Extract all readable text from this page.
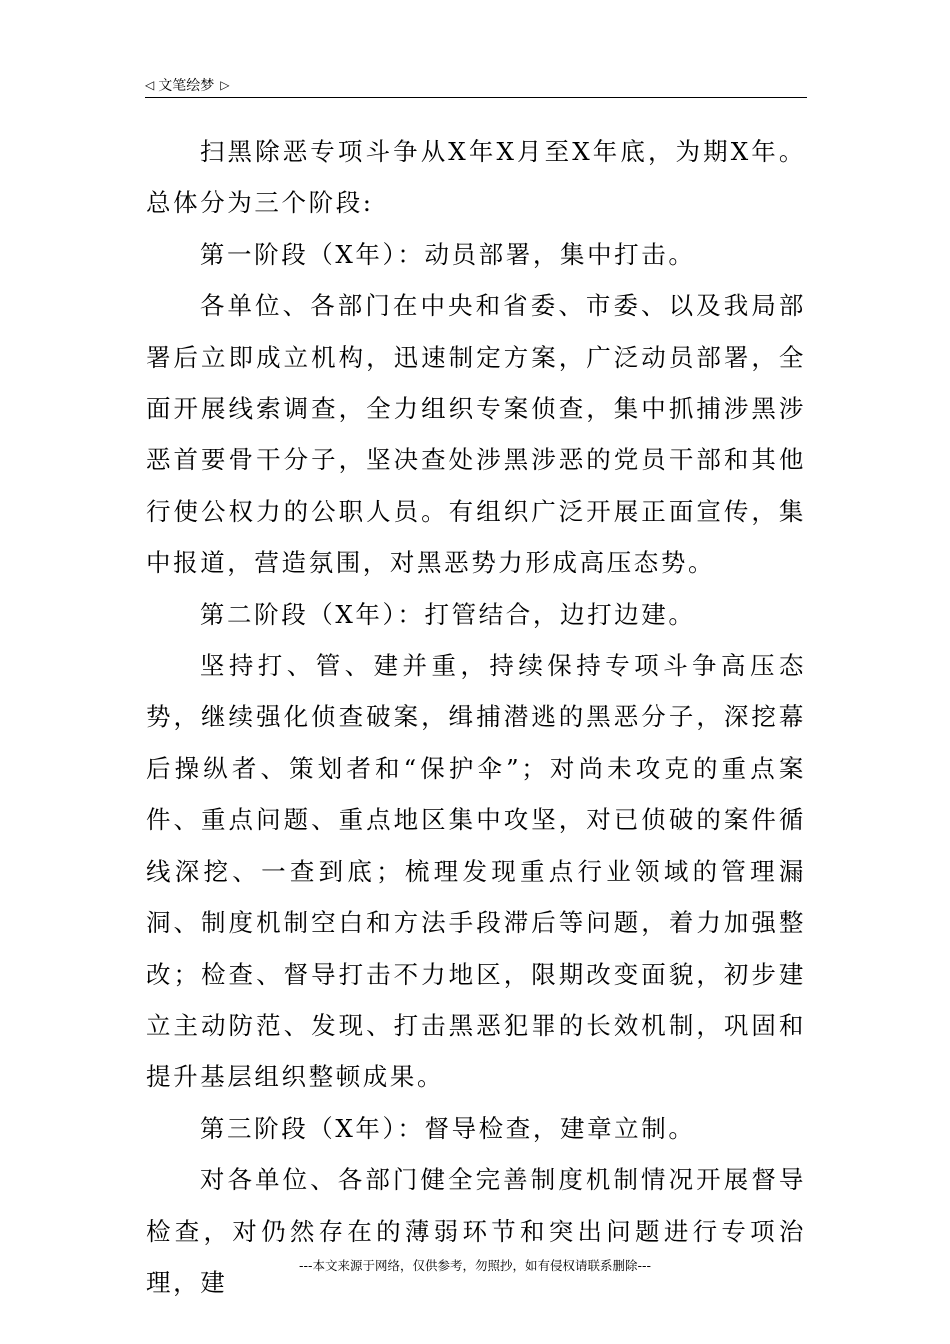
◁ 文笔绘梦 ▷

扫黑除恶专项斗争从X年X月至X年底，为期X年。总体分为三个阶段:

第一阶段（X年）：动员部署，集中打击。

各单位、各部门在中央和省委、市委、以及我局部署后立即成立机构，迅速制定方案，广泛动员部署，全面开展线索调查，全力组织专案侦查，集中抓捕涉黑涉恶首要骨干分子，坚决查处涉黑涉恶的党员干部和其他行使公权力的公职人员。有组织广泛开展正面宣传，集中报道，营造氛围，对黑恶势力形成高压态势。

第二阶段（X年）：打管结合，边打边建。

坚持打、管、建并重，持续保持专项斗争高压态势，继续强化侦查破案，缉捕潜逃的黑恶分子，深挖幕后操纵者、策划者和“保护伞”；对尚未攻克的重点案件、重点问题、重点地区集中攻坚，对已侦破的案件循线深挖、一查到底；梳理发现重点行业领域的管理漏洞、制度机制空白和方法手段滞后等问题，着力加强整改；检查、督导打击不力地区，限期改变面貌，初步建立主动防范、发现、打击黑恶犯罪的长效机制，巩固和提升基层组织整顿成果。

第三阶段（X年）：督导检查，建章立制。

对各单位、各部门健全完善制度机制情况开展督导检查，对仍然存在的薄弱环节和突出问题进行专项治理，建

---本文来源于网络，仅供参考，勿照抄，如有侵权请联系删除---
